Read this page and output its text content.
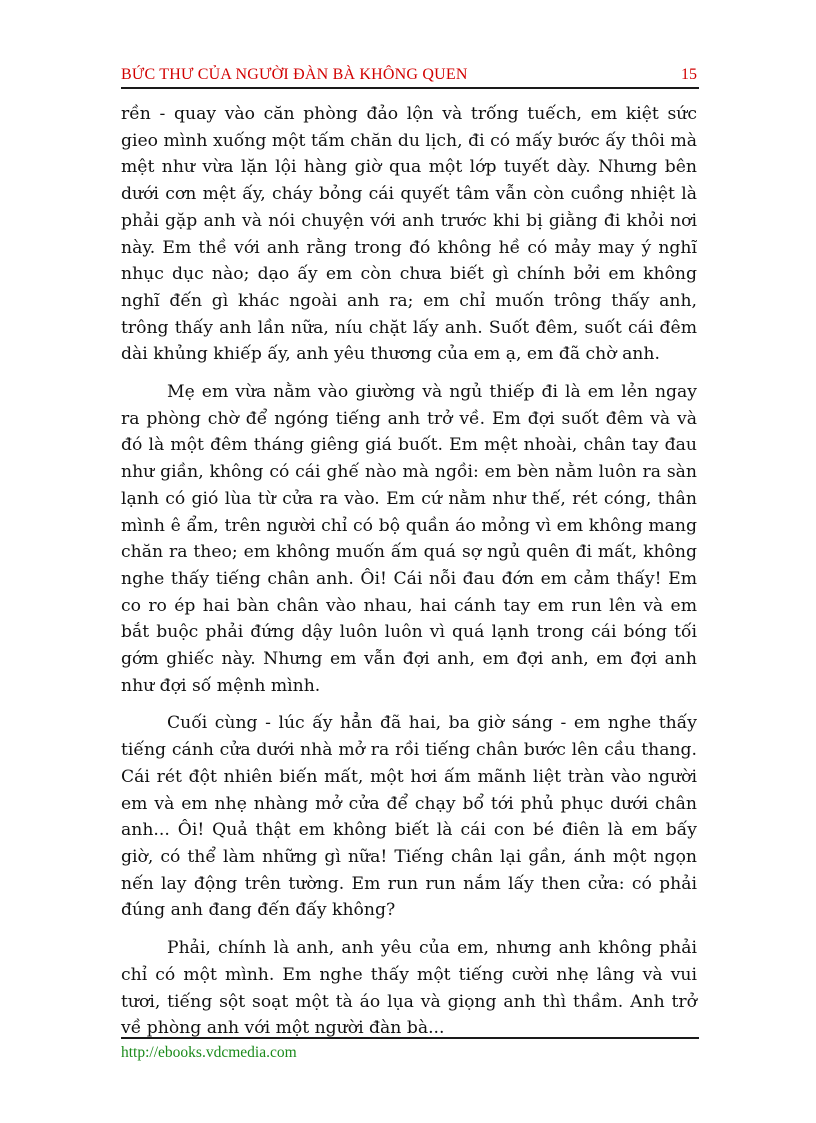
BỨC THƯ CỦA NGƯỜI ĐÀN BÀ KHÔNG QUEN	15

rền - quay vào căn phòng đảo lộn và trống tuếch, em kiệt sức gieo mình xuống một tấm chăn du lịch, đi có mấy bước ấy thôi mà mệt như vừa lặn lội hàng giờ qua một lớp tuyết dày. Nhưng bên dưới cơn mệt ấy, cháy bỏng cái quyết tâm vẫn còn cuồng nhiệt là phải gặp anh và nói chuyện với anh trước khi bị giằng đi khỏi nơi này. Em thề với anh rằng trong đó không hề có mảy may ý nghĩ nhục dục nào; dạo ấy em còn chưa biết gì chính bởi em không nghĩ đến gì khác ngoài anh ra; em chỉ muốn trông thấy anh, trông thấy anh lần nữa, níu chặt lấy anh. Suốt đêm, suốt cái đêm dài khủng khiếp ấy, anh yêu thương của em ạ, em đã chờ anh.

Mẹ em vừa nằm vào giường và ngủ thiếp đi là em lẻn ngay ra phòng chờ để ngóng tiếng anh trở về. Em đợi suốt đêm và và đó là một đêm tháng giêng giá buốt. Em mệt nhoài, chân tay đau như giần, không có cái ghế nào mà ngồi: em bèn nằm luôn ra sàn lạnh có gió lùa từ cửa ra vào. Em cứ nằm như thế, rét cóng, thân mình ê ẩm, trên người chỉ có bộ quần áo mỏng vì em không mang chăn ra theo; em không muốn ấm quá sợ ngủ quên đi mất, không nghe thấy tiếng chân anh. Ôi! Cái nỗi đau đớn em cảm thấy! Em co ro ép hai bàn chân vào nhau, hai cánh tay em run lên và em bắt buộc phải đứng dậy luôn luôn vì quá lạnh trong cái bóng tối gớm ghiếc này. Nhưng em vẫn đợi anh, em đợi anh, em đợi anh như đợi số mệnh mình.

Cuối cùng - lúc ấy hẳn đã hai, ba giờ sáng - em nghe thấy tiếng cánh cửa dưới nhà mở ra rồi tiếng chân bước lên cầu thang. Cái rét đột nhiên biến mất, một hơi ấm mãnh liệt tràn vào người em và em nhẹ nhàng mở cửa để chạy bổ tới phủ phục dưới chân anh... Ôi! Quả thật em không biết là cái con bé điên là em bấy giờ, có thể làm những gì nữa! Tiếng chân lại gần, ánh một ngọn nến lay động trên tường. Em run run nắm lấy then cửa: có phải đúng anh đang đến đấy không?

Phải, chính là anh, anh yêu của em, nhưng anh không phải chỉ có một mình. Em nghe thấy một tiếng cười nhẹ lâng và vui tươi, tiếng sột soạt một tà áo lụa và giọng anh thì thầm. Anh trở về phòng anh với một người đàn bà...

http://ebooks.vdcmedia.com
